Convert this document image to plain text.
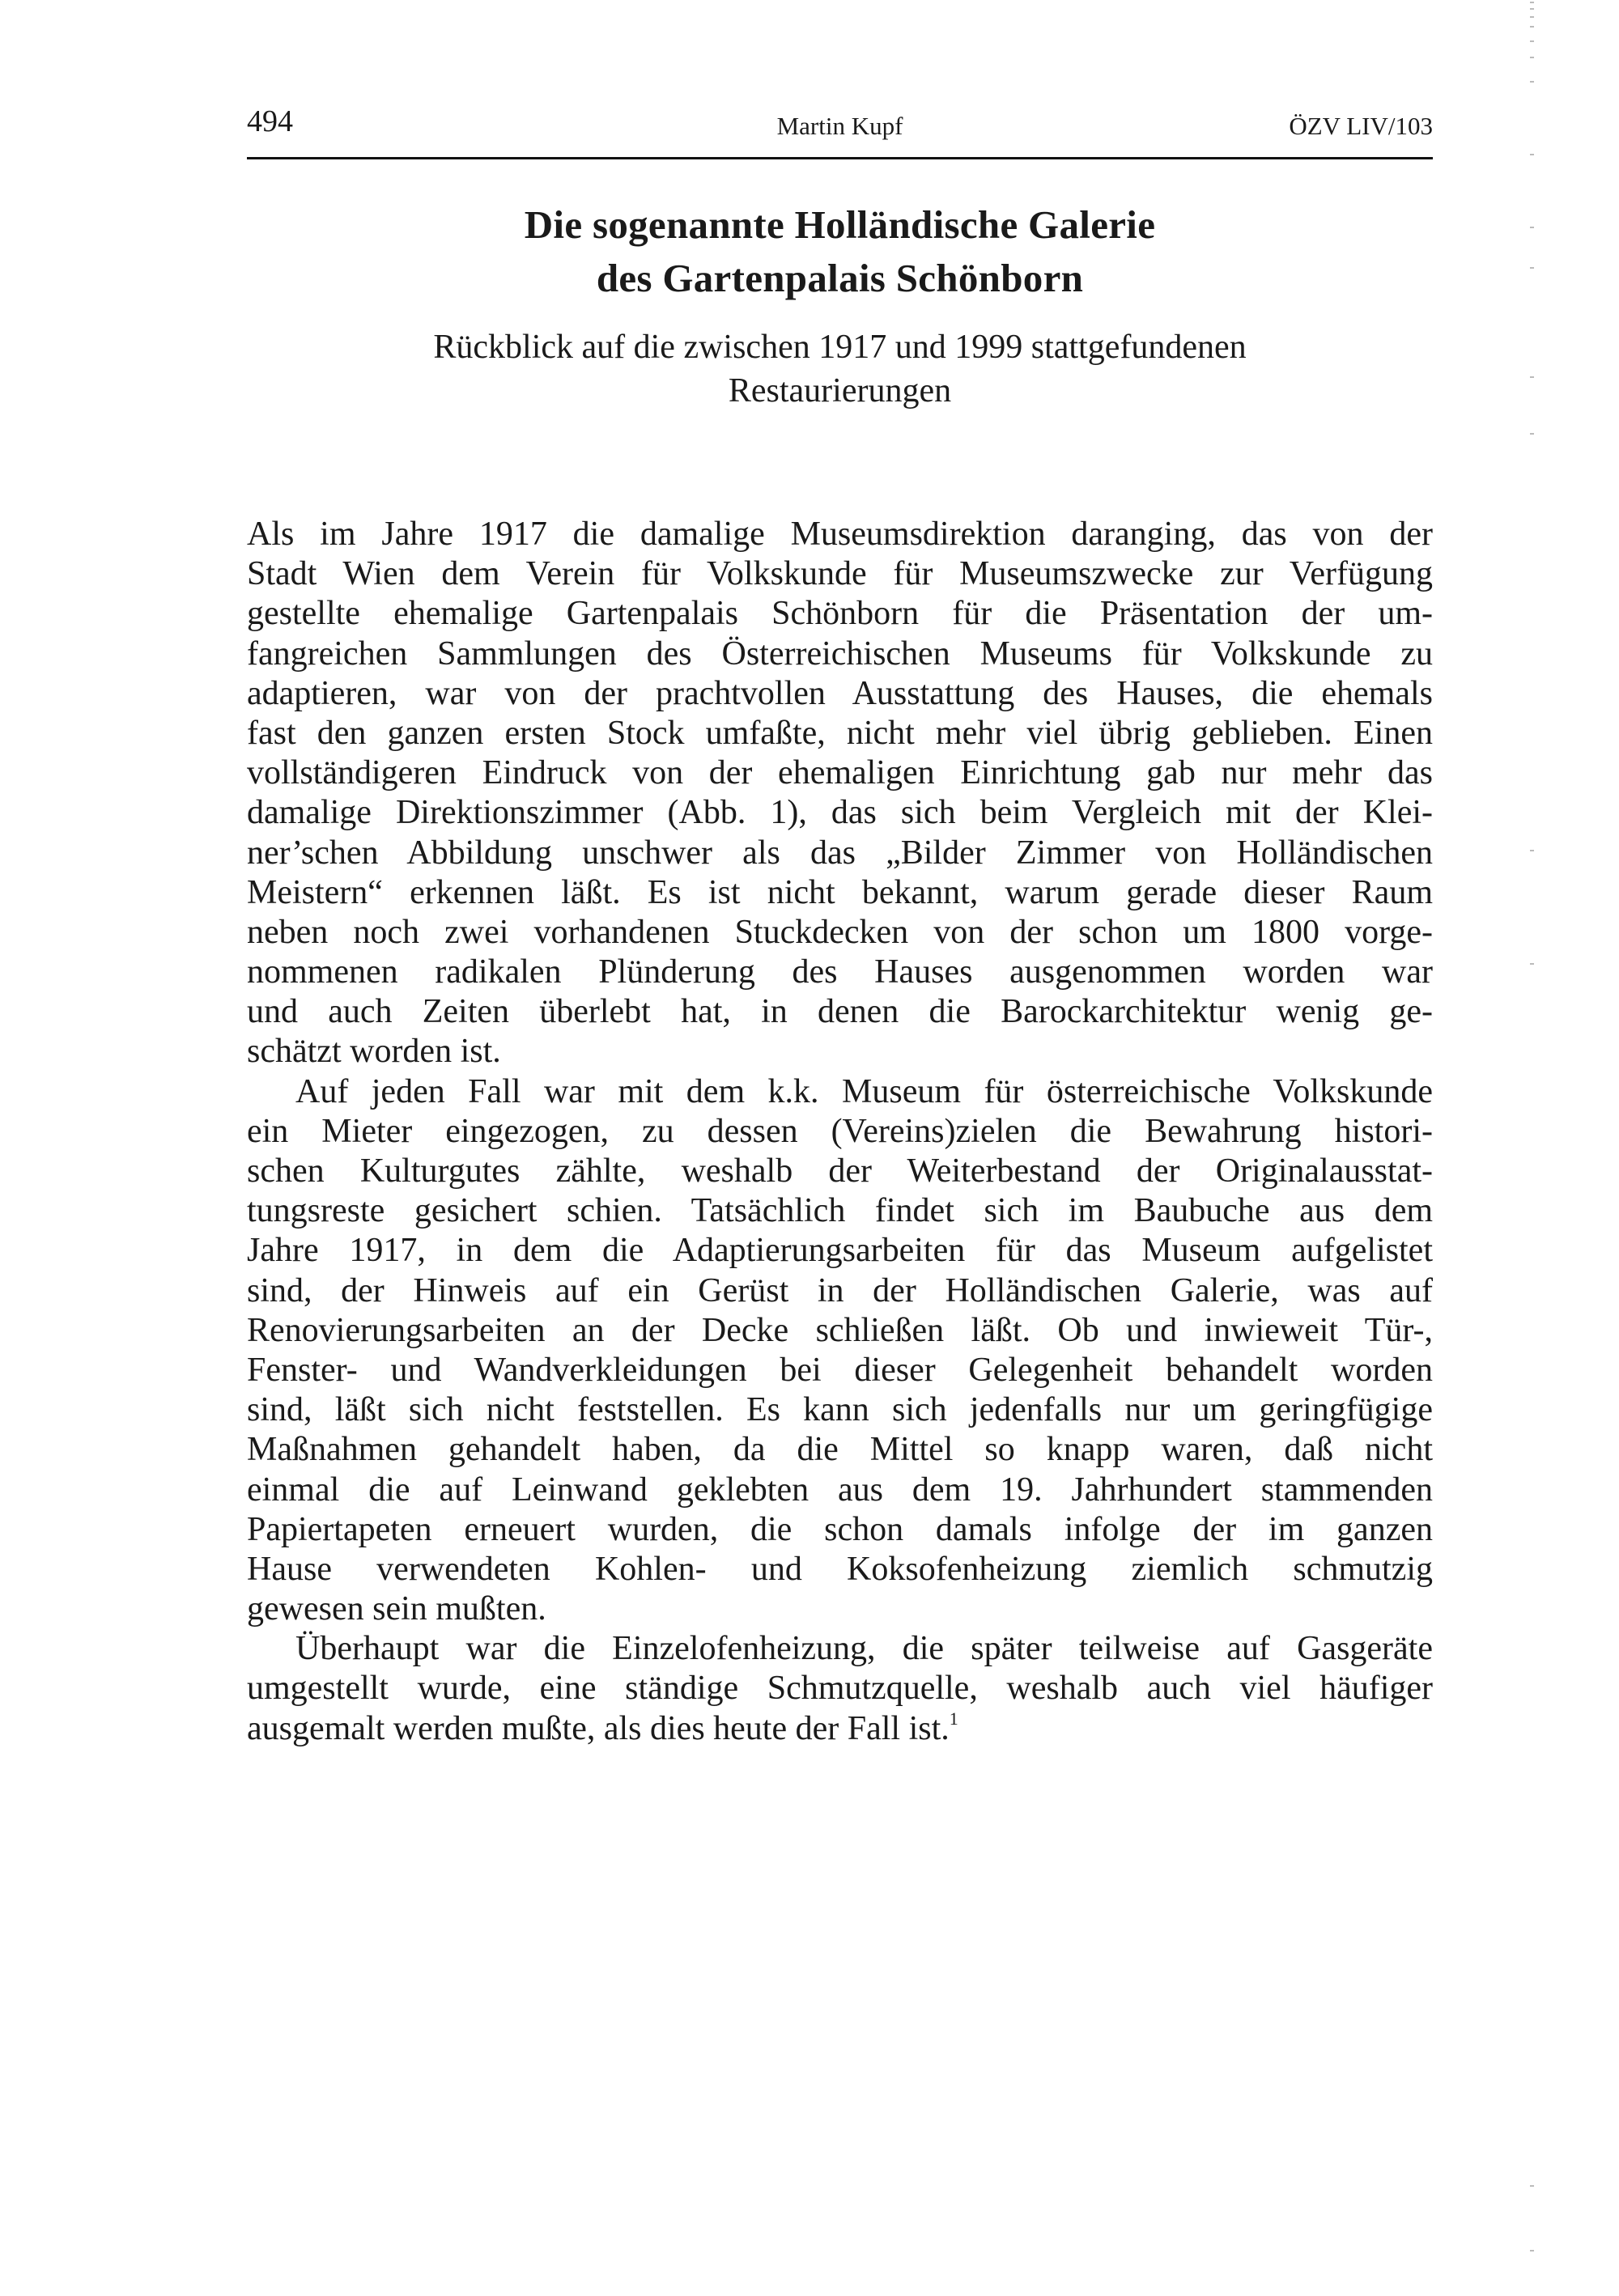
494	Martin Kupf	ÖZV LIV/103
Die sogenannte Holländische Galerie
des Gartenpalais Schönborn
Rückblick auf die zwischen 1917 und 1999 stattgefundenen
Restaurierungen

Als im Jahre 1917 die damalige Museumsdirektion daranging, das von der
Stadt Wien dem Verein für Volkskunde für Museumszwecke zur Verfügung
gestellte ehemalige Gartenpalais Schönborn für die Präsentation der um-
fangreichen Sammlungen des Österreichischen Museums für Volkskunde zu
adaptieren, war von der prachtvollen Ausstattung des Hauses, die ehemals
fast den ganzen ersten Stock umfaßte, nicht mehr viel übrig geblieben. Einen
vollständigeren Eindruck von der ehemaligen Einrichtung gab nur mehr das
damalige Direktionszimmer (Abb. 1), das sich beim Vergleich mit der Klei-
ner’schen Abbildung unschwer als das „Bilder Zimmer von Holländischen
Meistern“ erkennen läßt. Es ist nicht bekannt, warum gerade dieser Raum
neben noch zwei vorhandenen Stuckdecken von der schon um 1800 vorge-
nommenen radikalen Plünderung des Hauses ausgenommen worden war
und auch Zeiten überlebt hat, in denen die Barockarchitektur wenig ge-
schätzt worden ist.

Auf jeden Fall war mit dem k.k. Museum für österreichische Volkskunde
ein Mieter eingezogen, zu dessen (Vereins)zielen die Bewahrung histori-
schen Kulturgutes zählte, weshalb der Weiterbestand der Originalausstat-
tungsreste gesichert schien. Tatsächlich findet sich im Baubuche aus dem
Jahre 1917, in dem die Adaptierungsarbeiten für das Museum aufgelistet
sind, der Hinweis auf ein Gerüst in der Holländischen Galerie, was auf
Renovierungsarbeiten an der Decke schließen läßt. Ob und inwieweit Tür-,
Fenster- und Wandverkleidungen bei dieser Gelegenheit behandelt worden
sind, läßt sich nicht feststellen. Es kann sich jedenfalls nur um geringfügige
Maßnahmen gehandelt haben, da die Mittel so knapp waren, daß nicht
einmal die auf Leinwand geklebten aus dem 19. Jahrhundert stammenden
Papiertapeten erneuert wurden, die schon damals infolge der im ganzen
Hause verwendeten Kohlen- und Koksofenheizung ziemlich schmutzig
gewesen sein mußten.

Überhaupt war die Einzelofenheizung, die später teilweise auf Gasgeräte
umgestellt wurde, eine ständige Schmutzquelle, weshalb auch viel häufiger
ausgemalt werden mußte, als dies heute der Fall ist.$^1$
